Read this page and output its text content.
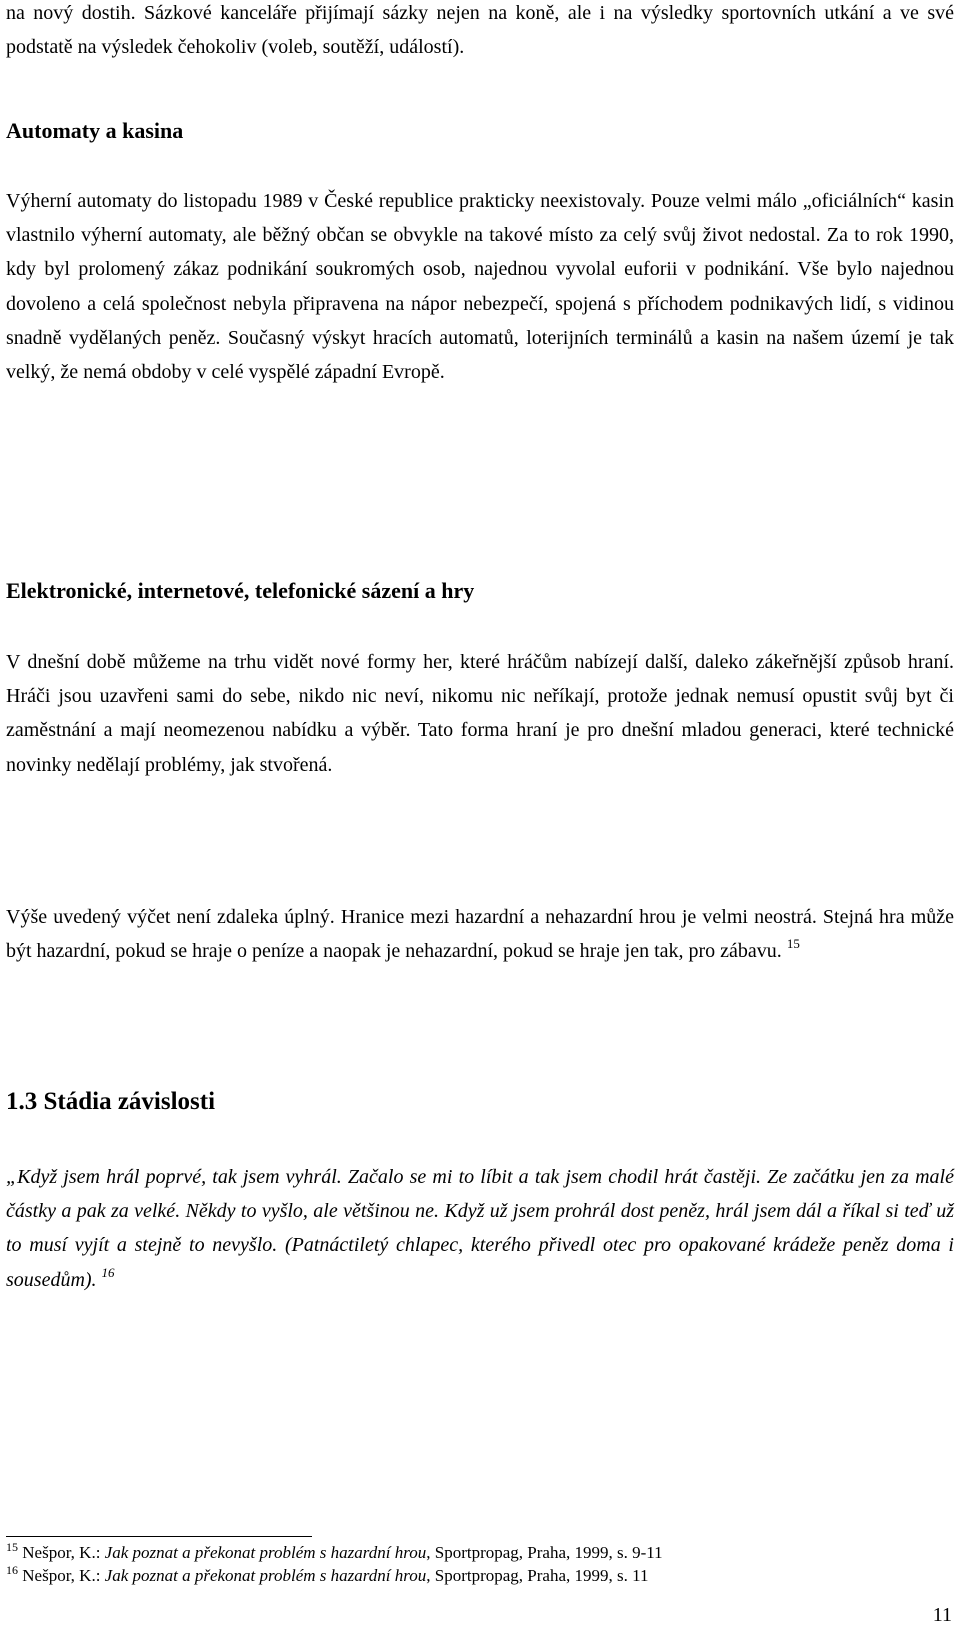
na nový dostih. Sázkové kanceláře přijímají sázky nejen na koně, ale i na výsledky sportovních utkání a ve své podstatě na výsledek čehokoliv (voleb, soutěží, událostí).

Automaty a kasina

Výherní automaty do listopadu 1989 v České republice prakticky neexistovaly. Pouze velmi málo „oficiálních“ kasin vlastnilo výherní automaty, ale běžný občan se obvykle na takové místo za celý svůj život nedostal. Za to rok 1990, kdy byl prolomený zákaz podnikání soukromých osob, najednou vyvolal euforii v podnikání. Vše bylo najednou dovoleno a celá společnost nebyla připravena na nápor nebezpečí, spojená s příchodem podnikavých lidí, s vidinou snadně vydělaných peněz. Současný výskyt hracích automatů, loterijních terminálů a kasin na našem území je tak velký, že nemá obdoby v celé vyspělé západní Evropě.

Elektronické, internetové, telefonické sázení a hry

V dnešní době můžeme na trhu vidět nové formy her, které hráčům nabízejí další, daleko zákeřnější způsob hraní. Hráči jsou uzavřeni sami do sebe, nikdo nic neví, nikomu nic neříkají, protože jednak nemusí opustit svůj byt či zaměstnání a mají neomezenou nabídku a výběr. Tato forma hraní je pro dnešní mladou generaci, které technické novinky nedělají problémy, jak stvořená.

Výše uvedený výčet není zdaleka úplný. Hranice mezi hazardní a nehazardní hrou je velmi neostrá. Stejná hra může být hazardní, pokud se hraje o peníze a naopak je nehazardní, pokud se hraje jen tak, pro zábavu. $^{15}$

1.3 Stádia závislosti

„Když jsem hrál poprvé, tak jsem vyhrál. Začalo se mi to líbit a tak jsem chodil hrát častěji. Ze začátku jen za malé částky a pak za velké. Někdy to vyšlo, ale většinou ne. Když už jsem prohrál dost peněz, hrál jsem dál a říkal si teď už to musí vyjít a stejně to nevyšlo. (Patnáctiletý chlapec, kterého přivedl otec pro opakované krádeže peněz doma i sousedům). $^{16}$

$^{15}$ Nešpor, K.: Jak poznat a překonat problém s hazardní hrou, Sportpropag, Praha, 1999, s. 9-11

$^{16}$ Nešpor, K.: Jak poznat a překonat problém s hazardní hrou, Sportpropag, Praha, 1999, s. 11

11
